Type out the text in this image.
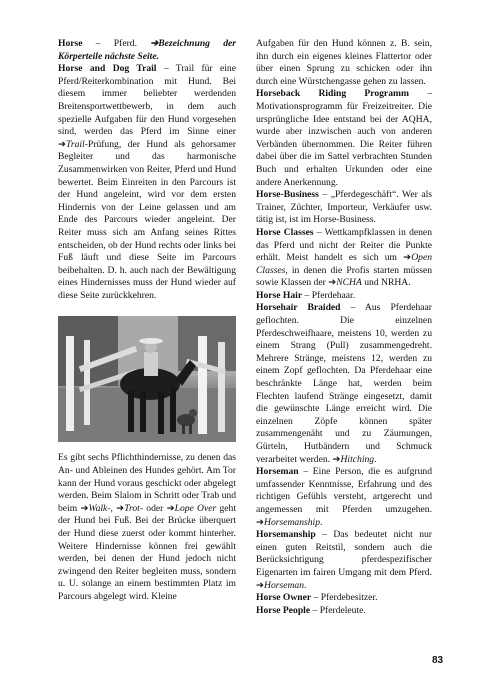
Horse – Pferd. ➔Bezeichnung der Körperteile nächste Seite.

Horse and Dog Trail – Trail für eine Pferd/Reiterkombination mit Hund. Bei diesem immer beliebter werdenden Breitensportwettbewerb, in dem auch spezielle Aufgaben für den Hund vorgesehen sind, werden das Pferd im Sinne einer ➔Trail-Prüfung, der Hund als gehorsamer Begleiter und das harmonische Zusammenwirken von Reiter, Pferd und Hund bewertet. Beim Einreiten in den Parcours ist der Hund angeleint, wird vor dem ersten Hindernis von der Leine gelassen und am Ende des Parcours wieder angeleint. Der Reiter muss sich am Anfang seines Rittes entscheiden, ob der Hund rechts oder links bei Fuß läuft und diese Seite im Parcours beibehalten. D. h. auch nach der Bewältigung eines Hindernisses muss der Hund wieder auf diese Seite zurückkehren.

Es gibt sechs Pflichthindernisse, zu denen das An- und Ableinen des Hundes gehört. Am Tor kann der Hund voraus geschickt oder abgelegt werden. Beim Slalom in Schritt oder Trab und beim ➔Walk-, ➔Trot- oder ➔Lope Over geht der Hund bei Fuß. Bei der Brücke überquert der Hund diese zuerst oder kommt hinterher. Weitere Hindernisse können frei gewählt werden, bei denen der Hund jedoch nicht zwingend den Reiter begleiten muss, sondern u. U. solange an einem bestimmten Platz im Parcours abgelegt wird. Kleine

Aufgaben für den Hund können z. B. sein, ihn durch ein eigenes kleines Flattertor oder über einen Sprung zu schicken oder ihn durch eine Würstchengasse gehen zu lassen.

Horseback Riding Programm – Motivationsprogramm für Freizeitreiter. Die ursprüngliche Idee entstand bei der AQHA, wurde aber inzwischen auch von anderen Verbänden übernommen. Die Reiter führen dabei über die im Sattel verbrachten Stunden Buch und erhalten Urkunden oder eine andere Anerkennung.

Horse-Business – „Pferdegeschäft“. Wer als Trainer, Züchter, Importeur, Verkäufer usw. tätig ist, ist im Horse-Business.

Horse Classes – Wettkampfklassen in denen das Pferd und nicht der Reiter die Punkte erhält. Meist handelt es sich um ➔Open Classes, in denen die Profis starten müssen sowie Klassen der ➔NCHA und NRHA.

Horse Hair – Pferdehaar.

Horsehair Braided – Aus Pferdehaar geflochten. Die einzelnen Pferdeschweifhaare, meistens 10, werden zu einem Strang (Pull) zusammengedreht. Mehrere Stränge, meistens 12, werden zu einem Zopf geflochten. Da Pferdehaar eine beschränkte Länge hat, werden beim Flechten laufend Stränge eingesetzt, damit die gewünschte Länge erreicht wird. Die einzelnen Zöpfe können später zusammengenäht und zu Zäumungen, Gürteln, Hutbändern und Schmuck verarbeitet werden. ➔Hitching.

Horseman – Eine Person, die es aufgrund umfassender Kenntnisse, Erfahrung und des richtigen Gefühls versteht, artgerecht und angemessen mit Pferden umzugehen. ➔Horsemanship.

Horsemanship – Das bedeutet nicht nur einen guten Reitstil, sondern auch die Berücksichtigung pferdespezifischer Eigenarten im fairen Umgang mit dem Pferd. ➔Horseman.

Horse Owner – Pferdebesitzer.

Horse People – Pferdeleute.

83
